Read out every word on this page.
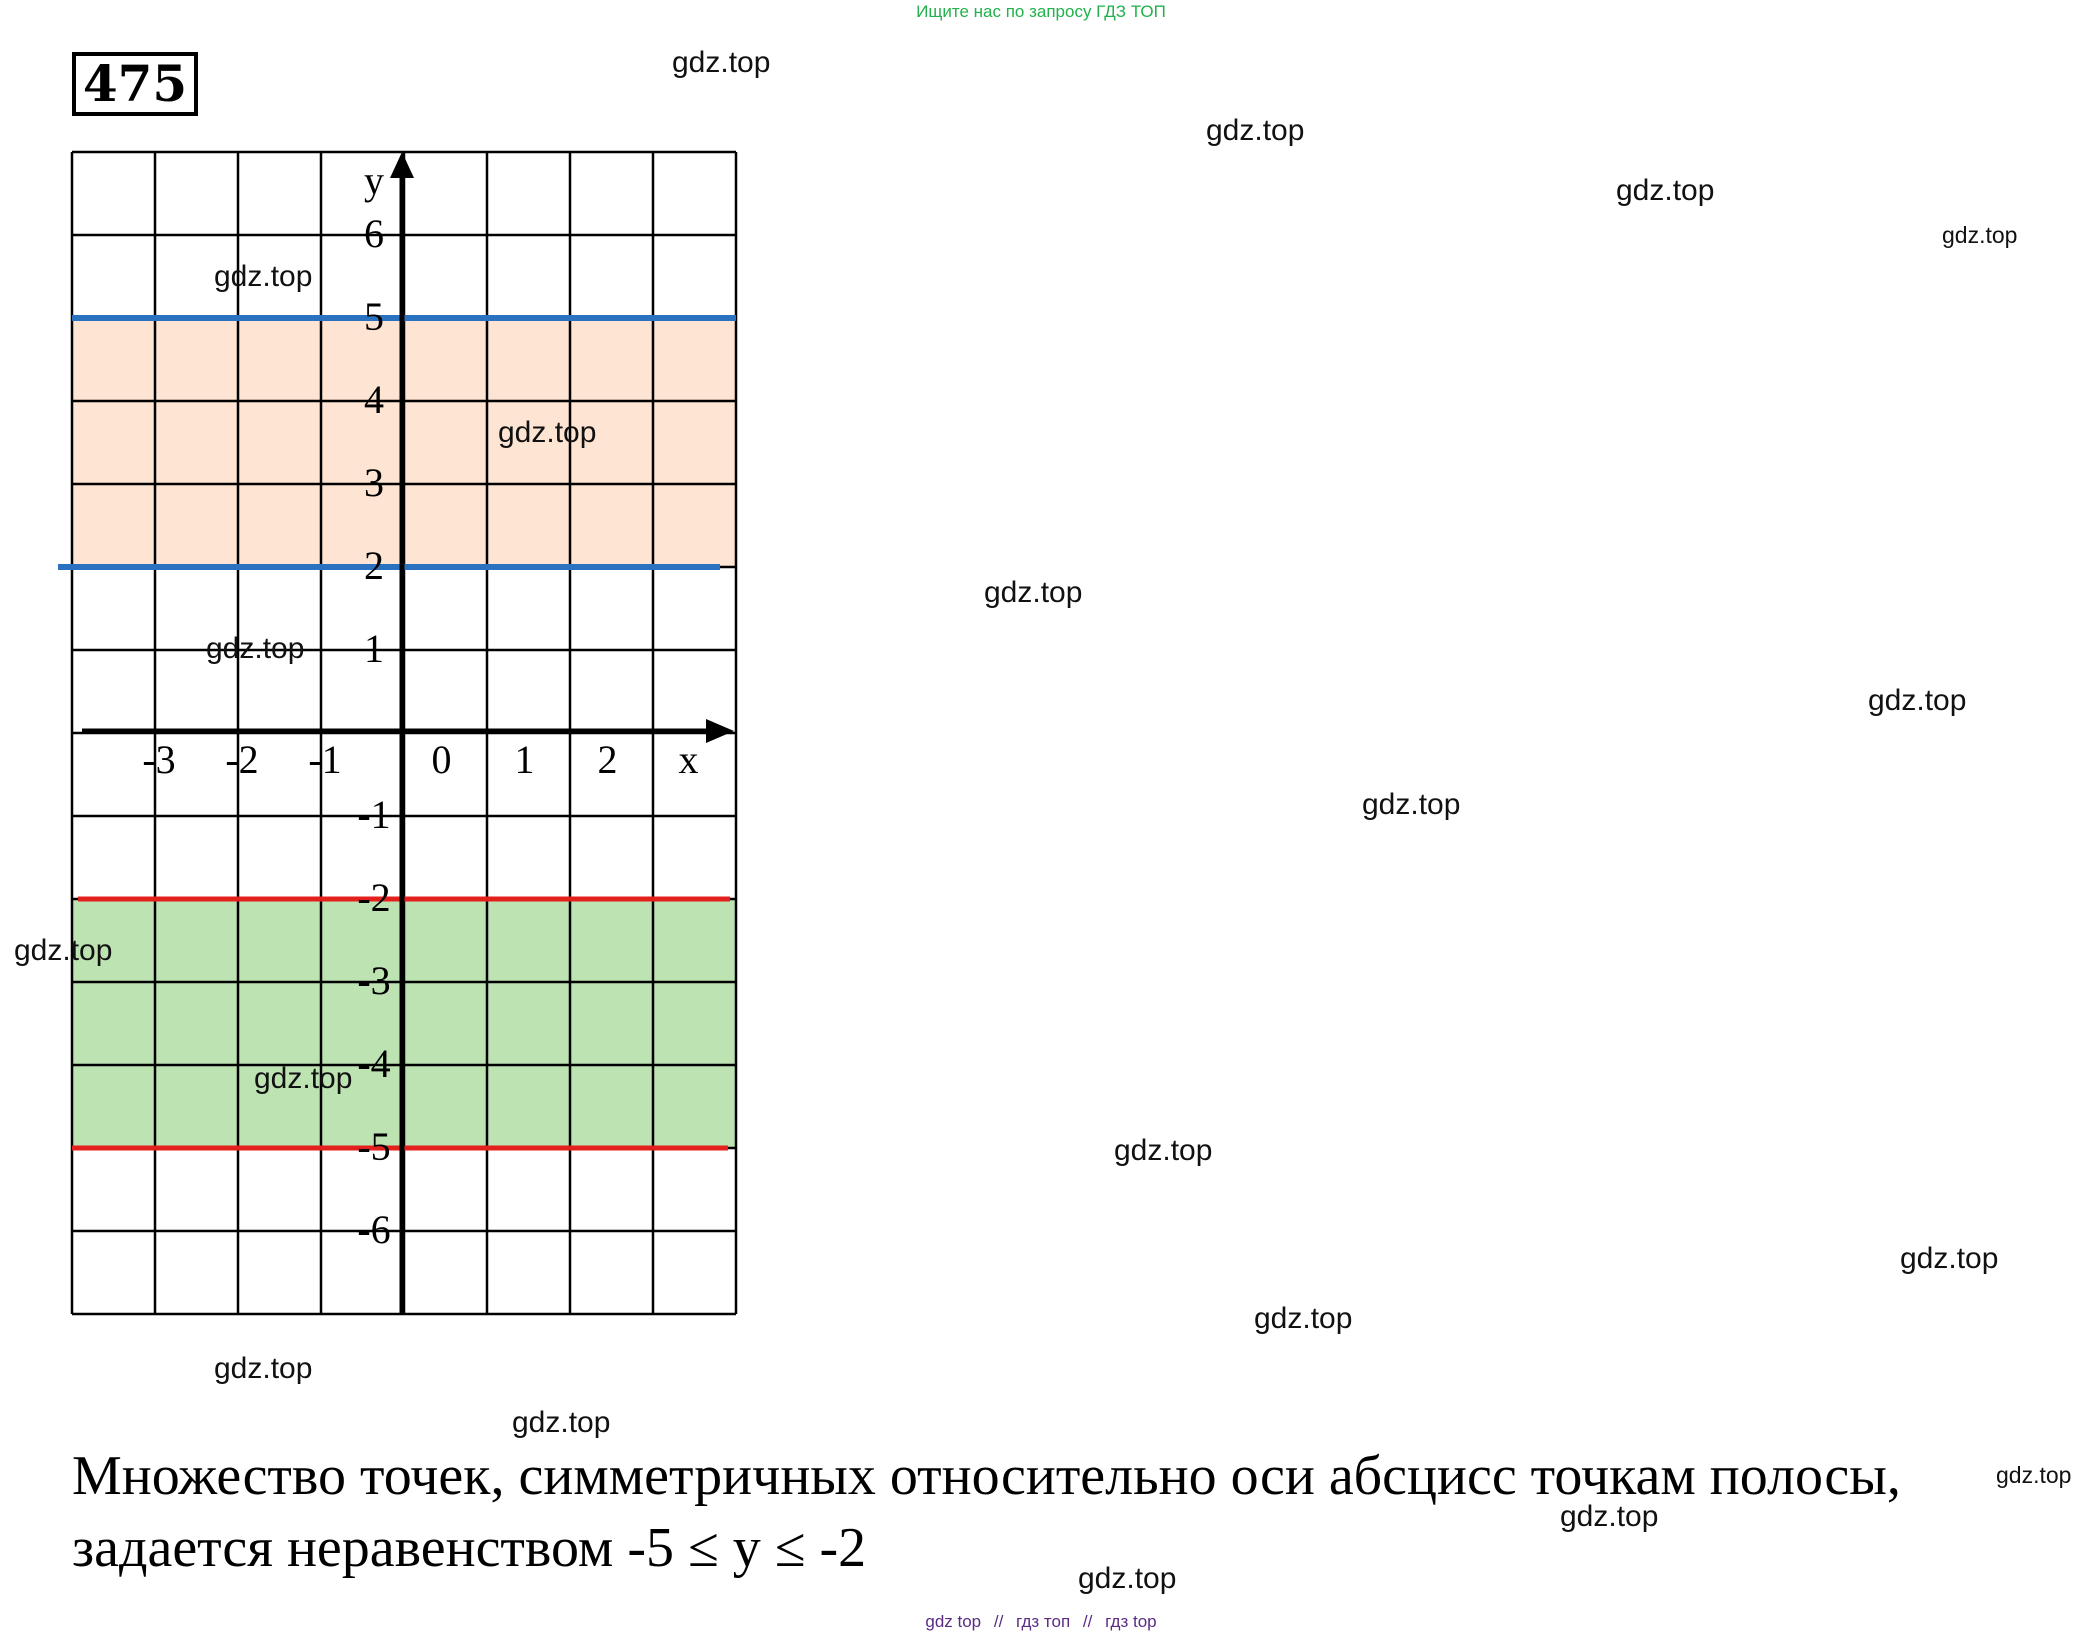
Ищите нас по запросу ГДЗ ТОП
475
-3 -2 -1 0 1 2
6
5
4
3
2
1
-1
-2
-3
-4
-5
-6
x
y
gdz.top
gdz.top
gdz.top
gdz.top
gdz.top
gdz.top
gdz.top
gdz.top
gdz.top
gdz.top
gdz.top
gdz.top
gdz.top
gdz.top
gdz.top
gdz.top
gdz.top
gdz.top
gdz.top
gdz.top
Множество точек, симметричных относительно оси абсцисс точкам полосы,
задается неравенством -5 ≤ y ≤ -2
gdz top // гдз топ // гдз top
